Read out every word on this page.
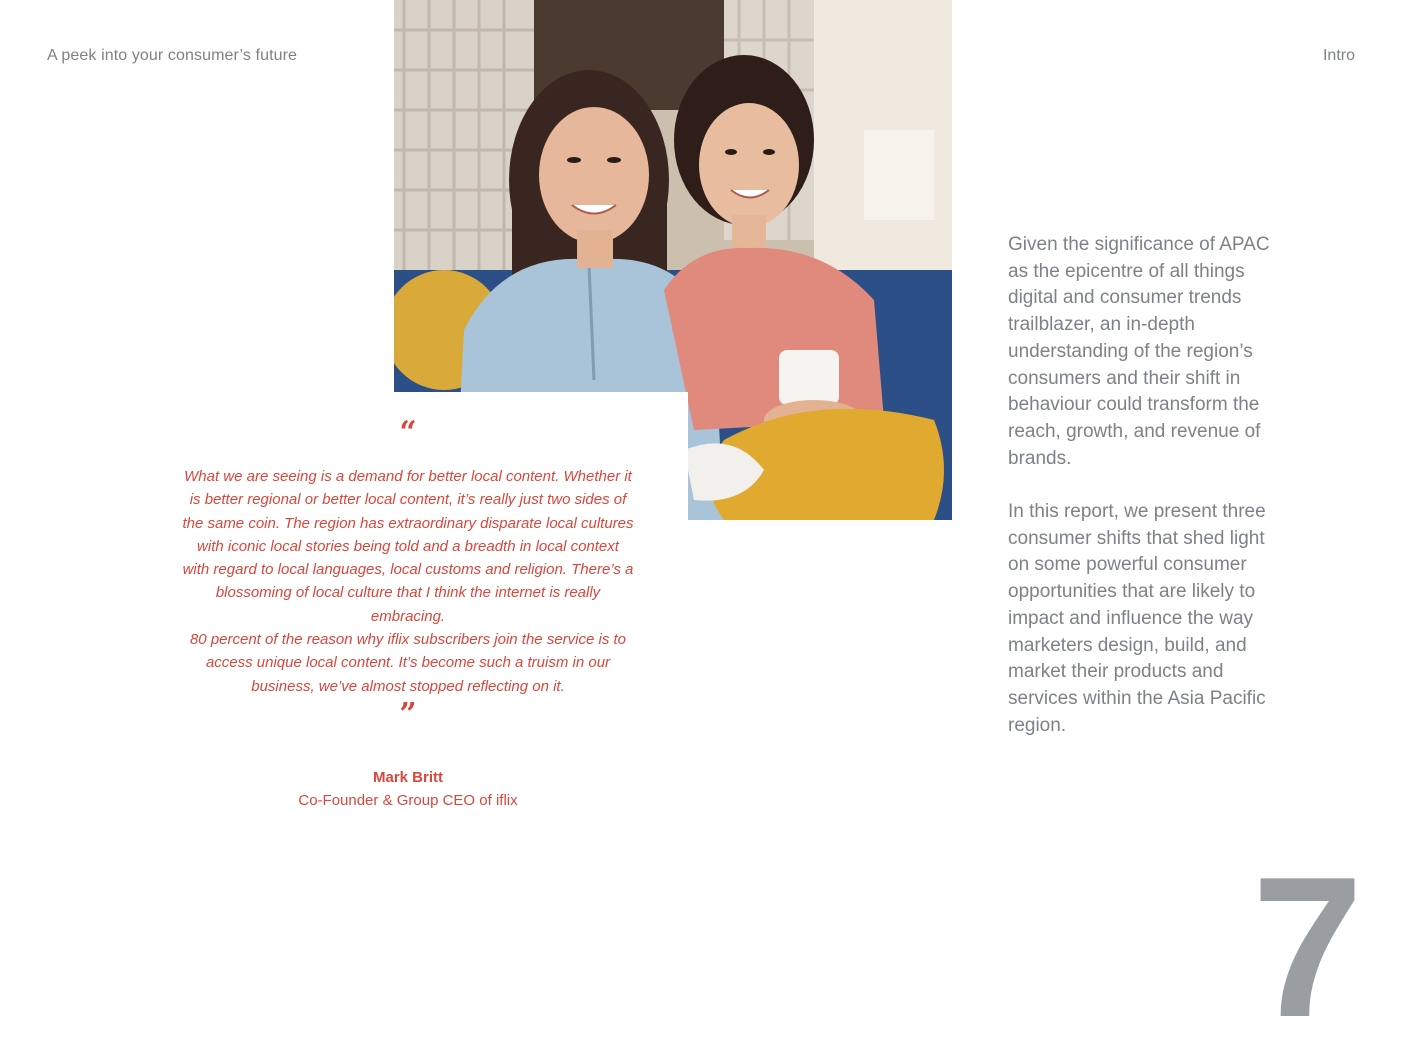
A peek into your consumer’s future	Intro
“

What we are seeing is a demand for better local content. Whether it is better regional or better local content, it’s really just two sides of the same coin. The region has extraordinary disparate local cultures with iconic local stories being told and a breadth in local context with regard to local languages, local customs and religion. There’s a blossoming of local culture that I think the internet is really embracing.

80 percent of the reason why iflix subscribers join the service is to access unique local content. It’s become such a truism in our business, we’ve almost stopped reflecting on it.

”
Mark Britt
Co-Founder & Group CEO of iflix

Given the significance of APAC as the epicentre of all things digital and consumer trends trailblazer, an in-depth understanding of the region’s consumers and their shift in behaviour could transform the reach, growth, and revenue of brands.

In this report, we present three consumer shifts that shed light on some powerful consumer opportunities that are likely to impact and influence the way marketers design, build, and market their products and services within the Asia Pacific region.

7
